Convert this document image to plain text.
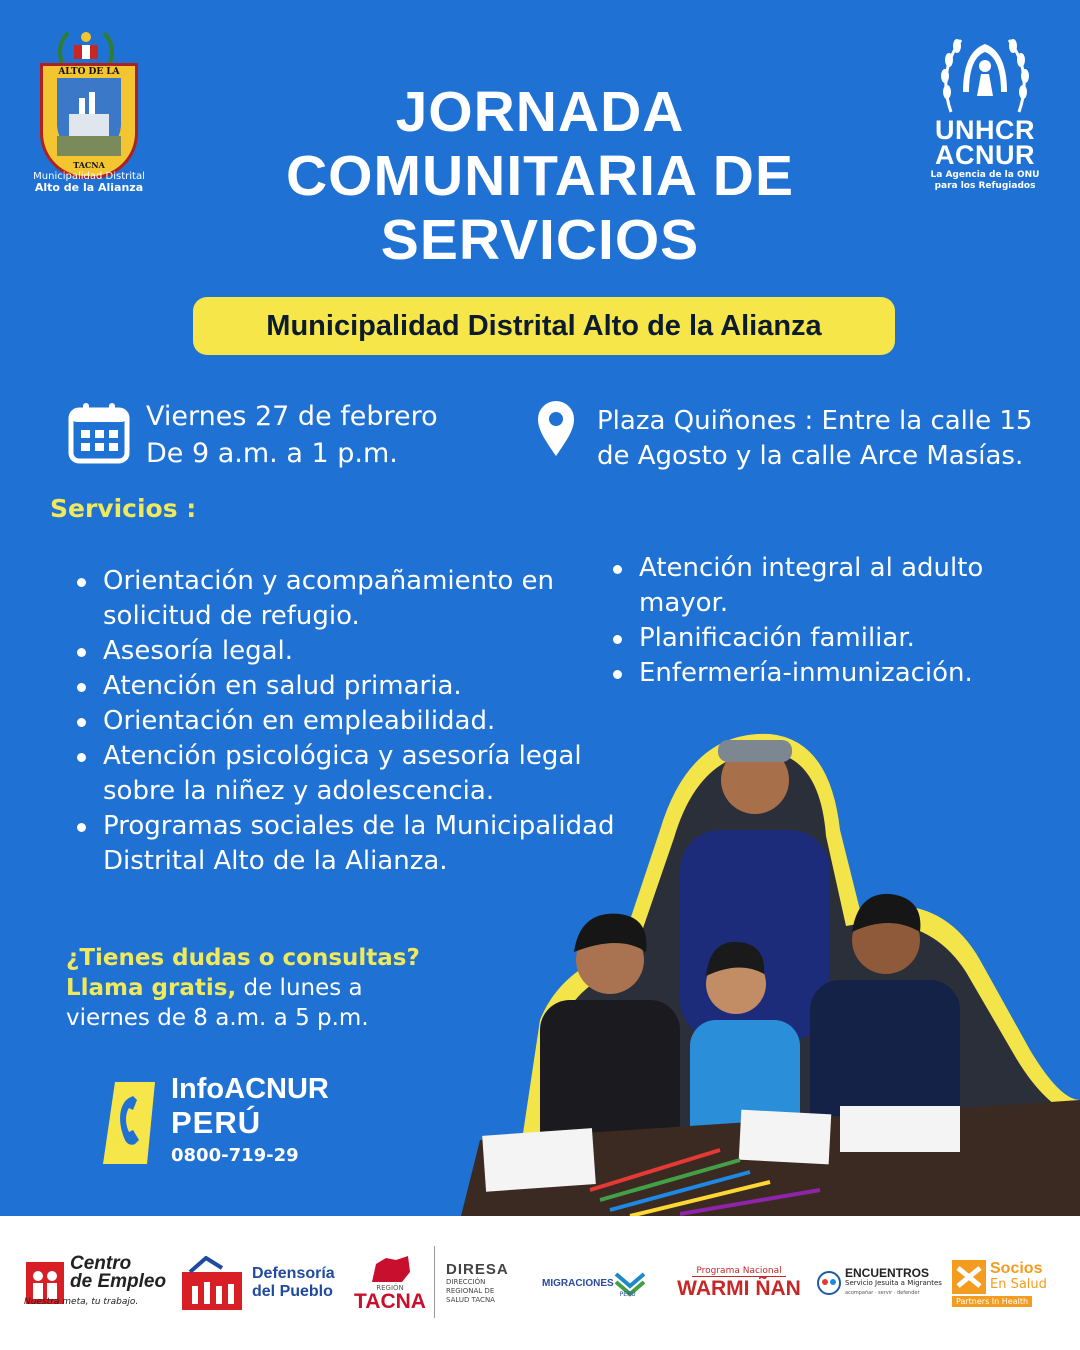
ALTO DE LA
TACNA
Municipalidad Distrital
Alto de la Alianza
UNHCR
ACNUR
La Agencia de la ONU
para los Refugiados
JORNADA
COMUNITARIA DE
SERVICIOS
Municipalidad Distrital Alto de la Alianza
Viernes 27 de febrero
De 9 a.m. a 1 p.m.
Plaza Quiñones : Entre la calle 15
de Agosto y la calle Arce Masías.
Servicios :
Orientación y acompañamiento en solicitud de refugio.
Asesoría legal.
Atención en salud primaria.
Orientación en empleabilidad.
Atención psicológica y asesoría legal sobre la niñez y adolescencia.
Programas sociales de la Municipalidad Distrital Alto de la Alianza.
Atención integral al adulto mayor.
Planificación familiar.
Enfermería-inmunización.
¿Tienes dudas o consultas?
Llama gratis, de lunes a
viernes de 8 a.m. a 5 p.m.
InfoACNUR
PERÚ
0800-719-29
Centro
de Empleo
Nuestra meta, tu trabajo.
Defensoría
del Pueblo	REGIÓN
TACNA
DIRESA
DIRECCIÓN
REGIONAL DE
SALUD TACNA
MIGRACIONES
PERÚ
Programa Nacional
WARMI ÑAN
ENCUENTROS
Servicio Jesuita a Migrantes
acompañar · servir · defender
Socios
En Salud
Partners In Health
